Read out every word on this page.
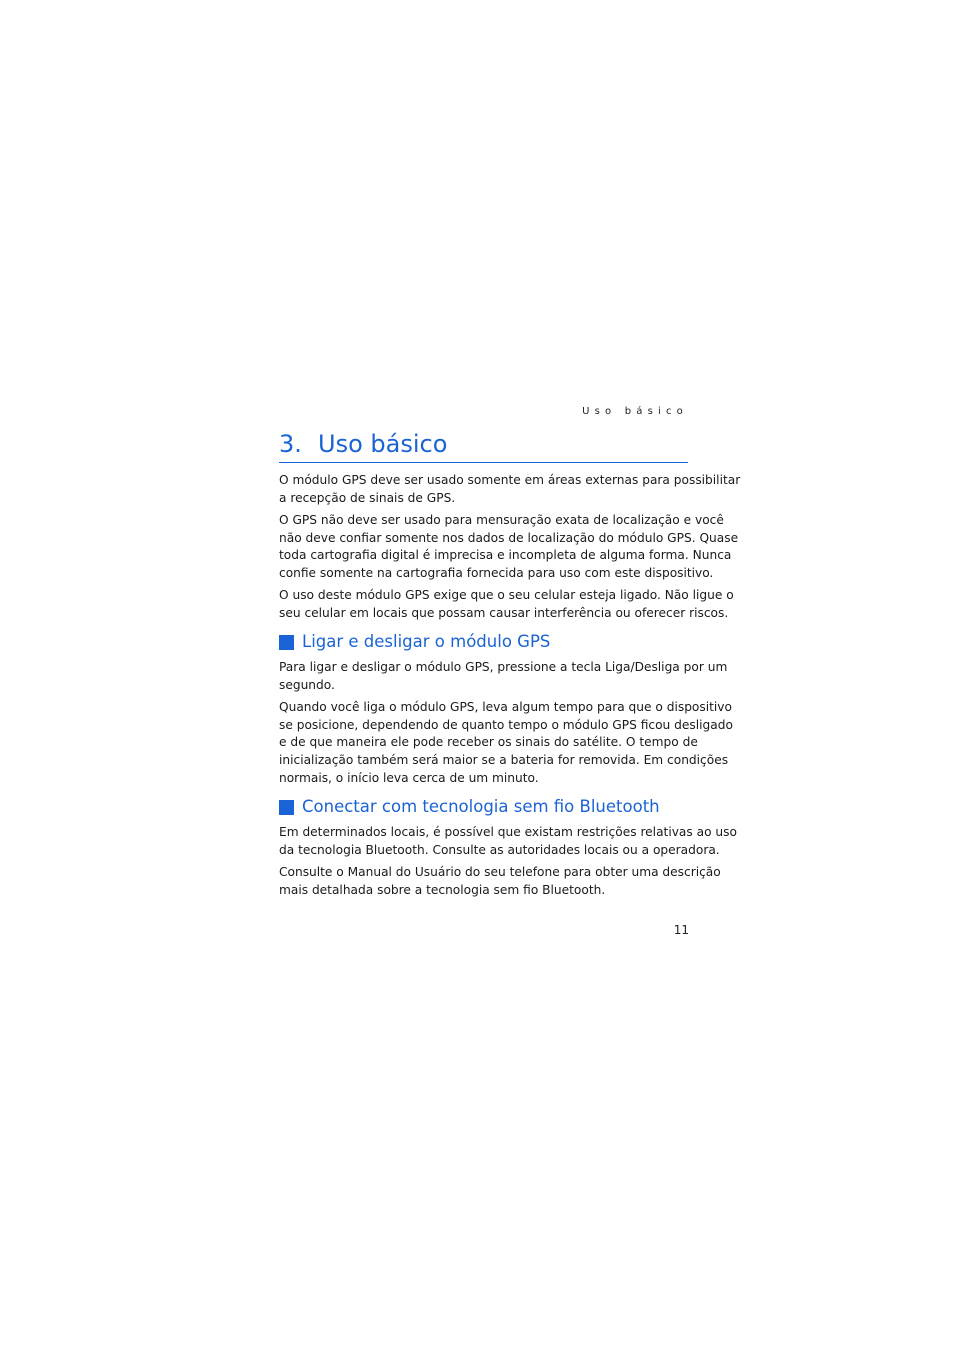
Uso básico
3. Uso básico
O módulo GPS deve ser usado somente em áreas externas para possibilitar
a recepção de sinais de GPS.
O GPS não deve ser usado para mensuração exata de localização e você
não deve confiar somente nos dados de localização do módulo GPS. Quase
toda cartografia digital é imprecisa e incompleta de alguma forma. Nunca
confie somente na cartografia fornecida para uso com este dispositivo.
O uso deste módulo GPS exige que o seu celular esteja ligado. Não ligue o
seu celular em locais que possam causar interferência ou oferecer riscos.
Ligar e desligar o módulo GPS
Para ligar e desligar o módulo GPS, pressione a tecla Liga/Desliga por um
segundo.
Quando você liga o módulo GPS, leva algum tempo para que o dispositivo
se posicione, dependendo de quanto tempo o módulo GPS ficou desligado
e de que maneira ele pode receber os sinais do satélite. O tempo de
inicialização também será maior se a bateria for removida. Em condições
normais, o início leva cerca de um minuto.
Conectar com tecnologia sem fio Bluetooth
Em determinados locais, é possível que existam restrições relativas ao uso
da tecnologia Bluetooth. Consulte as autoridades locais ou a operadora.
Consulte o Manual do Usuário do seu telefone para obter uma descrição
mais detalhada sobre a tecnologia sem fio Bluetooth.
11
